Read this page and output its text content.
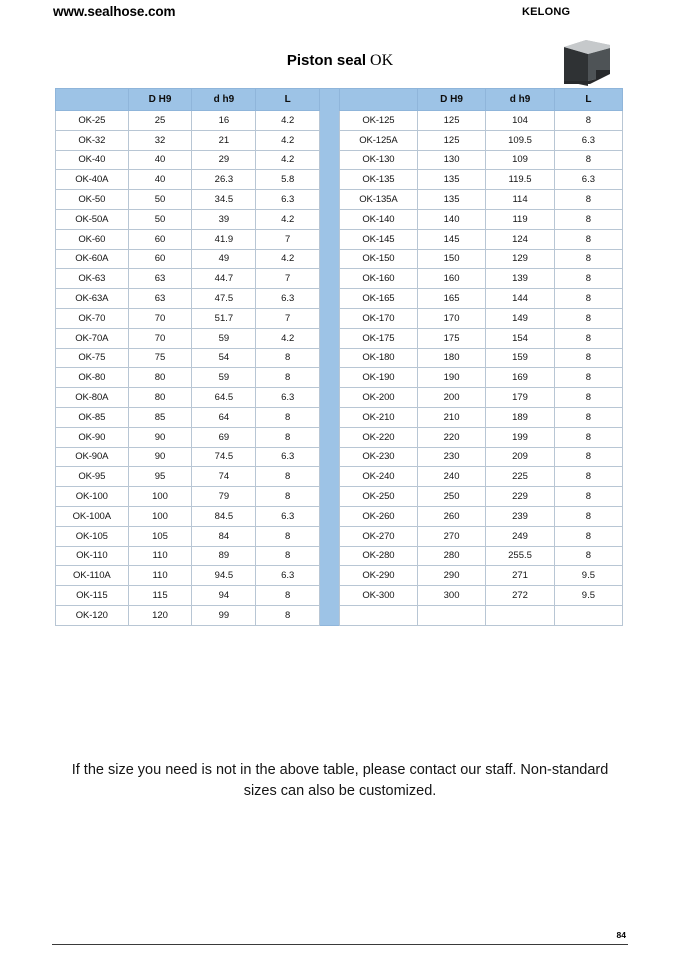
www.sealhose.com	KELONG
Piston seal OK
	D H9	d h9	L
OK-25	25	16	4.2
OK-32	32	21	4.2
OK-40	40	29	4.2
OK-40A	40	26.3	5.8
OK-50	50	34.5	6.3
OK-50A	50	39	4.2
OK-60	60	41.9	7
OK-60A	60	49	4.2
OK-63	63	44.7	7
OK-63A	63	47.5	6.3
OK-70	70	51.7	7
OK-70A	70	59	4.2
OK-75	75	54	8
OK-80	80	59	8
OK-80A	80	64.5	6.3
OK-85	85	64	8
OK-90	90	69	8
OK-90A	90	74.5	6.3
OK-95	95	74	8
OK-100	100	79	8
OK-100A	100	84.5	6.3
OK-105	105	84	8
OK-110	110	89	8
OK-110A	110	94.5	6.3
OK-115	115	94	8
OK-120	120	99	8
	D H9	d h9	L
OK-125	125	104	8
OK-125A	125	109.5	6.3
OK-130	130	109	8
OK-135	135	119.5	6.3
OK-135A	135	114	8
OK-140	140	119	8
OK-145	145	124	8
OK-150	150	129	8
OK-160	160	139	8
OK-165	165	144	8
OK-170	170	149	8
OK-175	175	154	8
OK-180	180	159	8
OK-190	190	169	8
OK-200	200	179	8
OK-210	210	189	8
OK-220	220	199	8
OK-230	230	209	8
OK-240	240	225	8
OK-250	250	229	8
OK-260	260	239	8
OK-270	270	249	8
OK-280	280	255.5	8
OK-290	290	271	9.5
OK-300	300	272	9.5

If the size you need is not in the above table, please contact our staff. Non-standard sizes can also be customized.
84
